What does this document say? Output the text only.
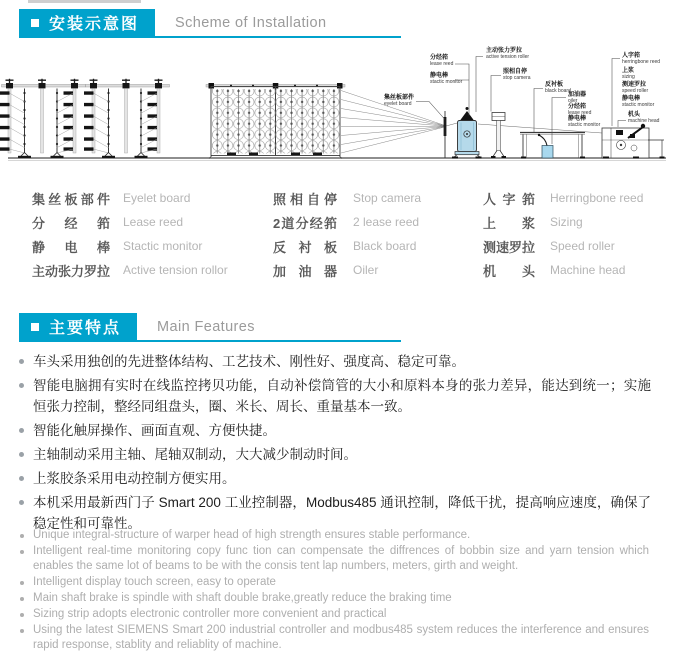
安装示意图 Scheme of Installation
集丝板部件
eyelet board
分经筘
lease reed
静电棒
stactic monitor
主动张力罗拉
active tension roller
照相自停
stop camera
反衬板
black board
加油器
oiler
分经筘
lease reed
静电棒
stactic monitor
人字筘
herringbone reed
上浆
sizing
测速罗拉
speed roller
静电棒
stactic monitor
机头
machine head
集丝板部件 Eyelet board
分经筘 Lease reed
静电棒 Stactic monitor
主动张力罗拉 Active tension rollor
照相自停 Stop camera
2道分经筘 2 lease reed
反衬板 Black board
加油器 Oiler
人字筘 Herringbone reed
上浆 Sizing
测速罗拉 Speed roller
机头 Machine head
主要特点 Main Features
车头采用独创的先进整体结构、工艺技术、刚性好、强度高、稳定可靠。
智能电脑拥有实时在线监控拷贝功能，自动补偿筒管的大小和原料本身的张力差异，能达到统一；实施恒张力控制，整经同组盘头，圈、米长、周长、重量基本一致。
智能化触屏操作、画面直观、方便快捷。
主轴制动采用主轴、尾轴双制动，大大减少制动时间。
上浆胶条采用电动控制方便实用。
本机采用最新西门子 Smart 200 工业控制器，Modbus485 通讯控制，降低干扰，提高响应速度，确保了稳定性和可靠性。
Unique integral-structure of warper head of high strength ensures stable performance.
Intelligent real-time monitoring copy func tion can compensate the diffrences of bobbin size and yarn tension which enables the same lot of beams to be with the consis tent lap numbers, meters, girth and weight.
Intelligent display touch screen, easy to operate
Main shaft brake is spindle with shaft double brake,greatly reduce the braking time
Sizing strip adopts electronic controller more convenient and practical
Using the latest SIEMENS Smart 200 industrial controller and modbus485 system reduces the interference and ensures rapid response, stablity and reliablity of machine.
